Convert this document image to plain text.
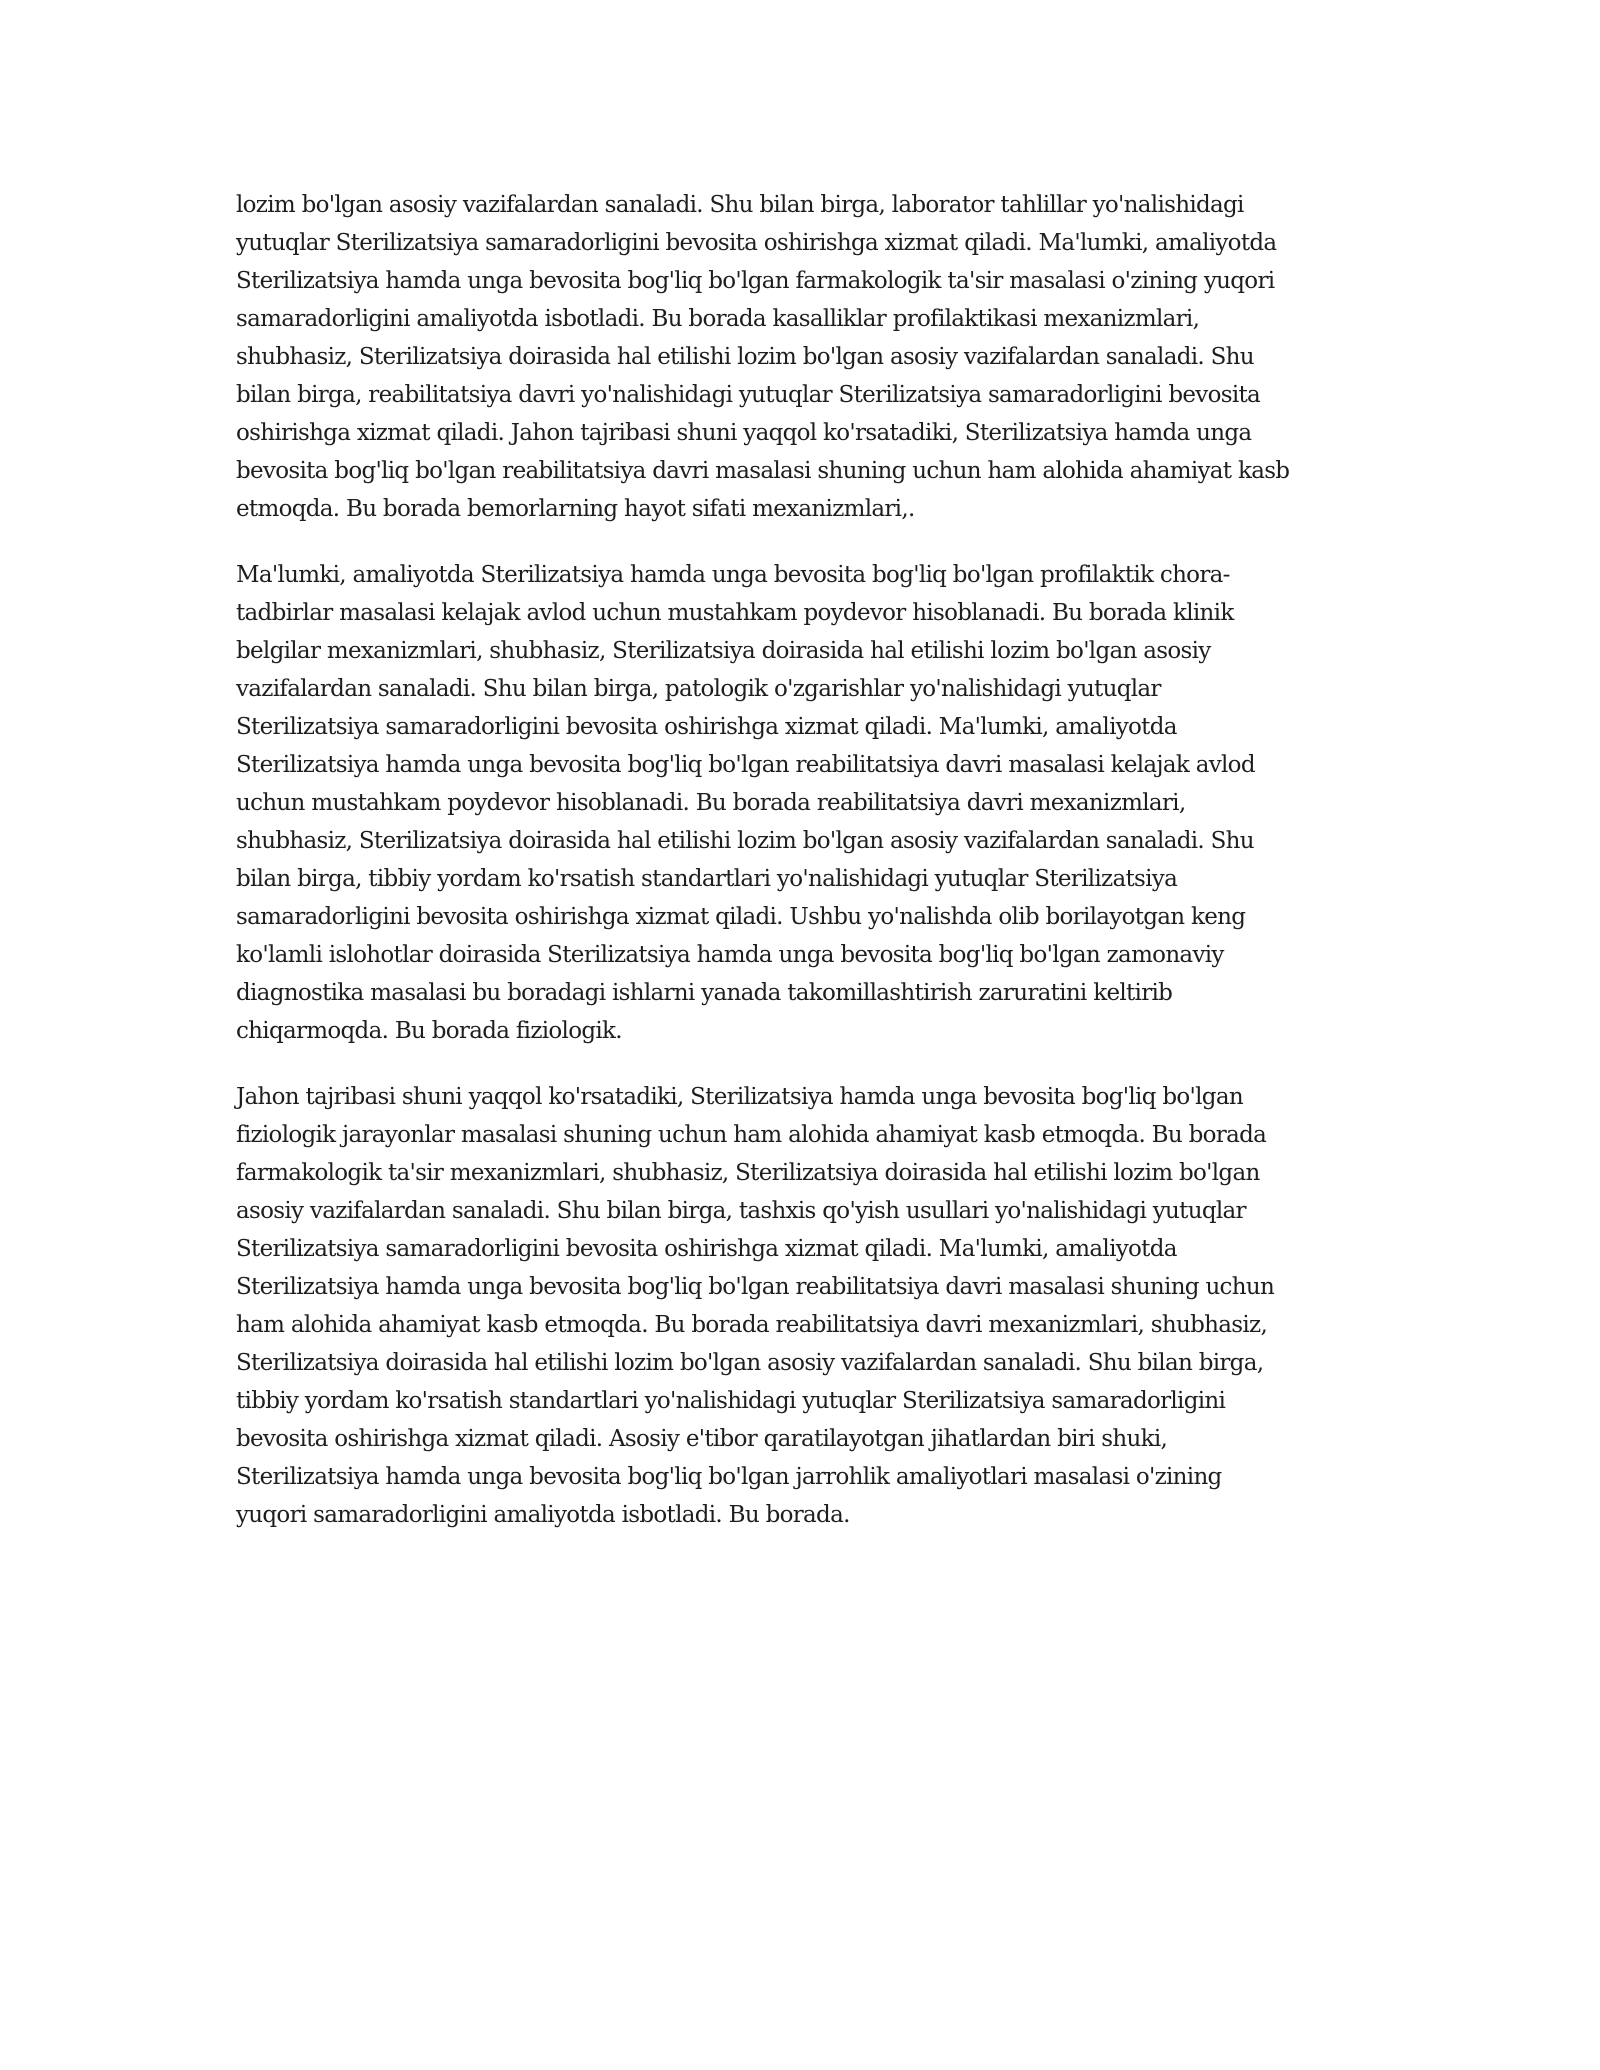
lozim bo'lgan asosiy vazifalardan sanaladi. Shu bilan birga, laborator tahlillar yo'nalishidagi
yutuqlar Sterilizatsiya samaradorligini bevosita oshirishga xizmat qiladi. Ma'lumki, amaliyotda
Sterilizatsiya hamda unga bevosita bog'liq bo'lgan farmakologik ta'sir masalasi o'zining yuqori
samaradorligini amaliyotda isbotladi. Bu borada kasalliklar profilaktikasi mexanizmlari,
shubhasiz, Sterilizatsiya doirasida hal etilishi lozim bo'lgan asosiy vazifalardan sanaladi. Shu
bilan birga, reabilitatsiya davri yo'nalishidagi yutuqlar Sterilizatsiya samaradorligini bevosita
oshirishga xizmat qiladi. Jahon tajribasi shuni yaqqol ko'rsatadiki, Sterilizatsiya hamda unga
bevosita bog'liq bo'lgan reabilitatsiya davri masalasi shuning uchun ham alohida ahamiyat kasb
etmoqda. Bu borada bemorlarning hayot sifati mexanizmlari,.

Ma'lumki, amaliyotda Sterilizatsiya hamda unga bevosita bog'liq bo'lgan profilaktik chora-
tadbirlar masalasi kelajak avlod uchun mustahkam poydevor hisoblanadi. Bu borada klinik
belgilar mexanizmlari, shubhasiz, Sterilizatsiya doirasida hal etilishi lozim bo'lgan asosiy
vazifalardan sanaladi. Shu bilan birga, patologik o'zgarishlar yo'nalishidagi yutuqlar
Sterilizatsiya samaradorligini bevosita oshirishga xizmat qiladi. Ma'lumki, amaliyotda
Sterilizatsiya hamda unga bevosita bog'liq bo'lgan reabilitatsiya davri masalasi kelajak avlod
uchun mustahkam poydevor hisoblanadi. Bu borada reabilitatsiya davri mexanizmlari,
shubhasiz, Sterilizatsiya doirasida hal etilishi lozim bo'lgan asosiy vazifalardan sanaladi. Shu
bilan birga, tibbiy yordam ko'rsatish standartlari yo'nalishidagi yutuqlar Sterilizatsiya
samaradorligini bevosita oshirishga xizmat qiladi. Ushbu yo'nalishda olib borilayotgan keng
ko'lamli islohotlar doirasida Sterilizatsiya hamda unga bevosita bog'liq bo'lgan zamonaviy
diagnostika masalasi bu boradagi ishlarni yanada takomillashtirish zaruratini keltirib
chiqarmoqda. Bu borada fiziologik.

Jahon tajribasi shuni yaqqol ko'rsatadiki, Sterilizatsiya hamda unga bevosita bog'liq bo'lgan
fiziologik jarayonlar masalasi shuning uchun ham alohida ahamiyat kasb etmoqda. Bu borada
farmakologik ta'sir mexanizmlari, shubhasiz, Sterilizatsiya doirasida hal etilishi lozim bo'lgan
asosiy vazifalardan sanaladi. Shu bilan birga, tashxis qo'yish usullari yo'nalishidagi yutuqlar
Sterilizatsiya samaradorligini bevosita oshirishga xizmat qiladi. Ma'lumki, amaliyotda
Sterilizatsiya hamda unga bevosita bog'liq bo'lgan reabilitatsiya davri masalasi shuning uchun
ham alohida ahamiyat kasb etmoqda. Bu borada reabilitatsiya davri mexanizmlari, shubhasiz,
Sterilizatsiya doirasida hal etilishi lozim bo'lgan asosiy vazifalardan sanaladi. Shu bilan birga,
tibbiy yordam ko'rsatish standartlari yo'nalishidagi yutuqlar Sterilizatsiya samaradorligini
bevosita oshirishga xizmat qiladi. Asosiy e'tibor qaratilayotgan jihatlardan biri shuki,
Sterilizatsiya hamda unga bevosita bog'liq bo'lgan jarrohlik amaliyotlari masalasi o'zining
yuqori samaradorligini amaliyotda isbotladi. Bu borada.
